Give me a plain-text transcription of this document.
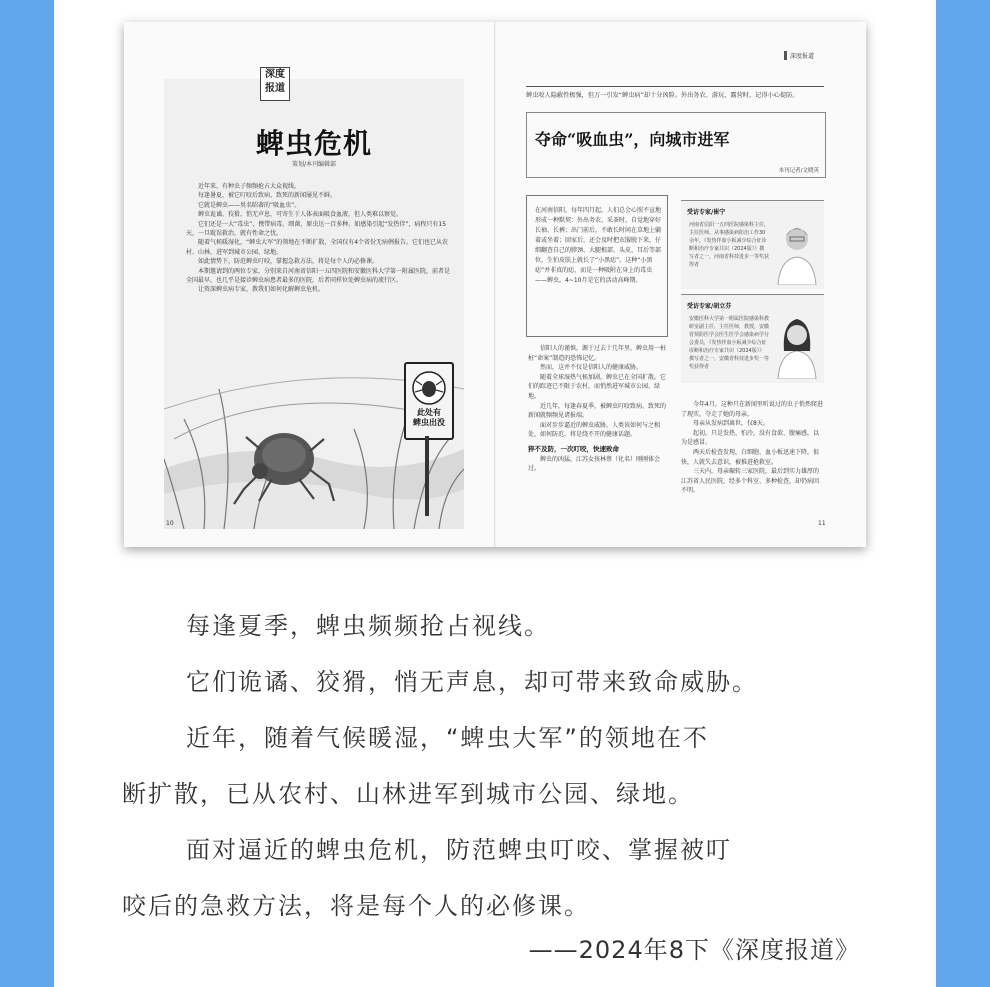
深度
报道
蜱虫危机
策划/本刊编辑部

近年来，有种虫子频频抢占大众视线。

每逢暑夏，被它叮咬后致病、致死的新闻屡见不鲜。

它就是蜱虫——臭名昭著的“吸血虫”。

蜱虫诡谲、狡猾，悄无声息，可寄生于人体表面吸食血液，但人类难以察觉。

它们还是一大“毒虫”，携带病毒、细菌、原虫达一百多种。如感染引起“发热伴”，病程只有15天，一旦耽误救治，就有性命之忧。

随着气候暖湿化，“蜱虫大军”的领地在不断扩散，全国仅有4个省份无病例报告。它们也已从农村、山林，进军到城市公园、绿地。

如此情势下，防范蜱虫叮咬，掌握急救方法，将是每个人的必修课。

本期邀请到的两位专家，分别来自河南省信阳一五四医院和安徽医科大学第一附属医院，前者是全国最早，也几乎是接诊蜱虫病患者最多的医院，后者同样位处蜱虫病的流行区。

让资深蜱虫病专家，教我们如何化解蜱虫危机。

此处有
蜱虫出没
10
深度报道
蜱虫咬人隐蔽性极强，但万一引发“蜱虫病”却十分凶险。外出务农、游玩、露营时，记得小心提防。
夺命“吸血虫”，向城市进军
本刊记者/文晓英
在河南信阳，每年四月起，人们总会心照不宣地形成一种默契：外出务农、采茶时，自觉地穿好长袖、长裤；出门前后，不敢长时间在草地上躺着或坐着；回家后，还会及时把衣服脱下来，仔细翻查自己的脖颈、大腿根部、头皮、耳后等部位，生怕皮肤上就长了“小黑痣”。这种“小黑痣”并非真的痣，而是一种吸附在身上的毒虫——蜱虫。4~10月是它的活动高峰期。

信阳人的谨慎，源于过去十几年里，蜱虫用一桩桩“命案”制造的恐怖记忆。

然而，这并不仅是信阳人的健康威胁。

随着全球湿热气候加剧，蜱虫已在全国扩散。它们的踪迹已不限于农村，而悄然进军城市公园、绿地。

近几年，每逢春夏季，被蜱虫叮咬致病、致死的新闻就频频见诸报端。

面对步步逼近的蜱虫威胁，人类该如何与之相处，如何防范，将是绕不开的健康话题。

猝不及防，一次叮咬，快速致命

蜱虫的凶猛，江苏女孩林蔡（化名）刚刚体会过。

受访专家/崔宁
河南省信阳一五四医院感染科主任，主任医师。从事感染病防治工作30余年，《发热伴血小板减少综合征诊断和治疗专家共识（2024版）》撰写者之一，河南省科技进步一等奖获得者
受访专家/胡立芬
安徽医科大学第一附属医院感染科教研室副主任，主任医师，教授，安徽省预防医学会医生医学会感染病学分会委员，《发热伴血小板减少综合征诊断和治疗专家共识（2024版）》撰写者之一，安徽省科技进步奖一等奖获得者

今年4月，这种只在新闻里听说过的虫子悄然爬进了现实，夺走了她的母亲。

母亲从发病到离世，仅8天。

起初，只是发热、怕冷，没有食欲、腹痛感，以为是感冒。

两天后检查发现，白细胞、血小板迅速下降，很快，人就失去意识，被推进抢救室。

三天内，母亲辗转三家医院，最后到实力雄厚的江苏省人民医院，经多个科室、多种检查，却仍病因不明。

11
每逢夏季，蜱虫频频抢占视线。
它们诡谲、狡猾，悄无声息，却可带来致命威胁。
近年，随着气候暖湿，“蜱虫大军”的领地在不
断扩散，已从农村、山林进军到城市公园、绿地。
面对逼近的蜱虫危机，防范蜱虫叮咬、掌握被叮
咬后的急救方法，将是每个人的必修课。
——2024年8下《深度报道》
